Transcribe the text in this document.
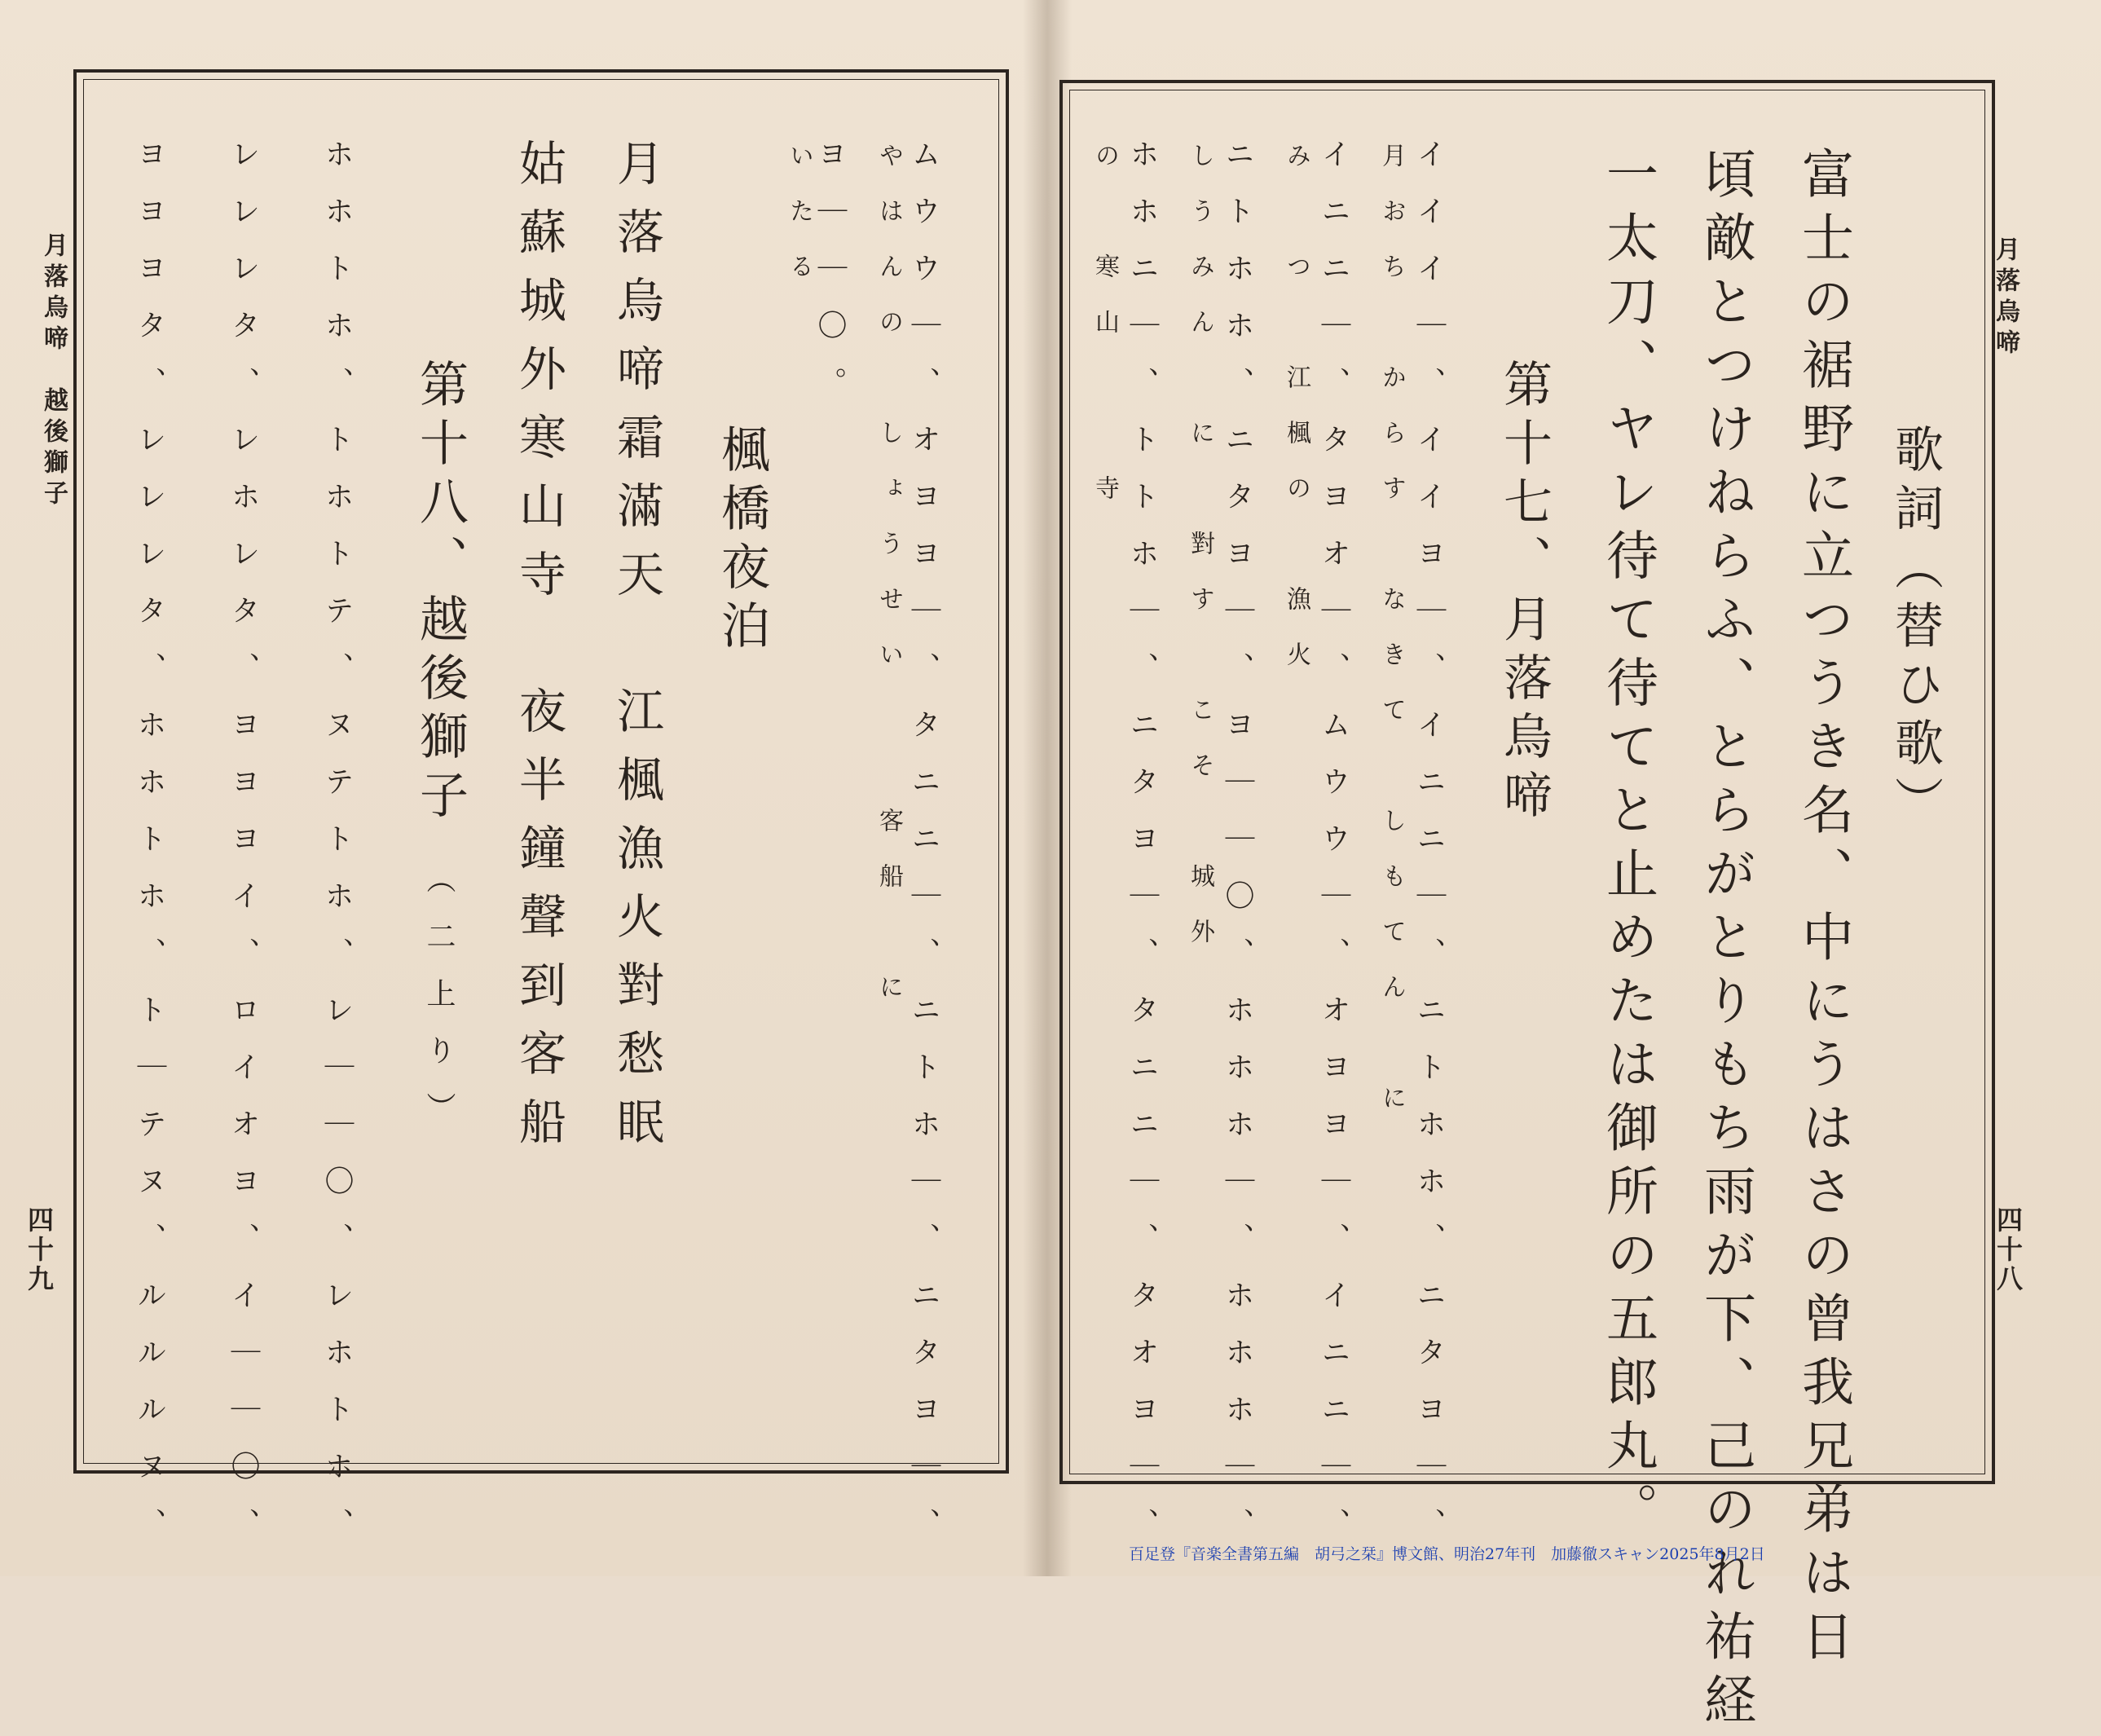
月落烏啼
四十八
歌詞（替ひ歌）
富士の裾野に立つうき名、中にうはさの曾我兄弟は日
頃敵とつけねらふ、とらがとりもち雨が下、己のれ祐経
一太刀、ヤレ待て待てと止めたは御所の五郎丸。
第十七、月落烏啼
イイイ｜、イイヨ｜、イニニ｜、ニトホホ、ニタヨ｜、
月おち　からす　なきて　しもてん　に
イニニ｜、タヨオ｜、ムウウ｜、オヨヨ｜、イニニ｜、
み　つ　江楓の　漁火　
ニトホホ、ニタヨ｜、ヨ｜｜〇、ホホホ｜、ホホホ｜、
しうみん　に　對す　こそ　城外
ホホニ｜、トトホ｜、ニタヨ｜、タニニ｜、タオヨ｜、
の　寒山　　寺
月落烏啼　越後獅子
四十九	ムウウ｜、オヨヨ｜、タニニ｜、ニトホ｜、ニタヨ｜、
やはんの　しょうせい　　客船　に
ヨ｜｜〇。
いたる
楓橋夜泊
月落烏啼霜滿天　江楓漁火對愁眠
姑蘇城外寒山寺　夜半鐘聲到客船
第十八、越後獅子
（二上り）
ホホトホ、トホトテ、ヌテトホ、レ｜｜〇、レホトホ、
レレレタ、レホレタ、ヨヨヨイ、ロイオヨ、イ｜｜〇、
ヨヨヨタ、レレレタ、ホホトホ、ト｜テヌ、ルルルヌ、	百足登『音楽全書第五編　胡弓之栞』博文館、明治27年刊　加藤徹スキャン2025年8月2日
